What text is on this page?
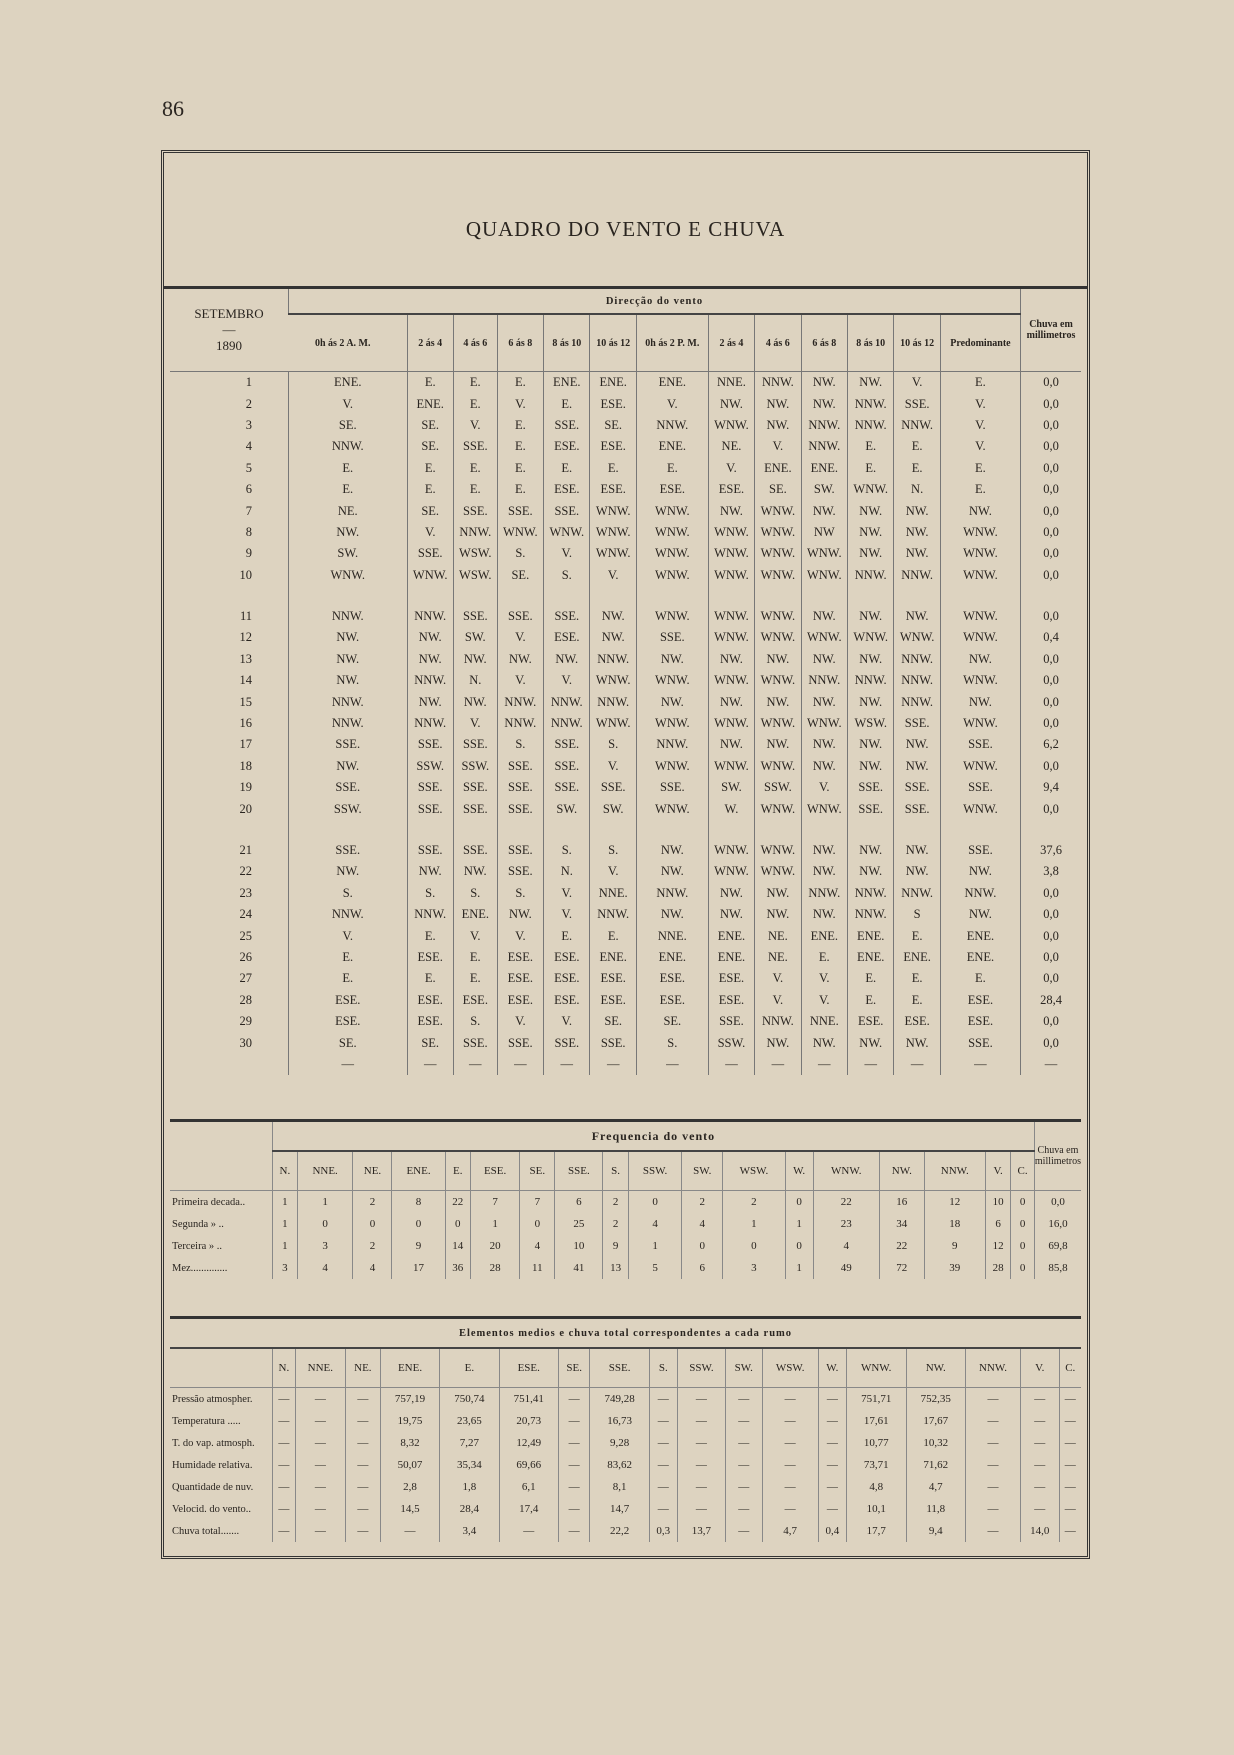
86
QUADRO DO VENTO E CHUVA
SETEMBRO
—
1890	Direcção do vento													Chuva em millimetros
	0h ás 2 A. M.	2 ás 4	4 ás 6	6 ás 8	8 ás 10	10 ás 12	0h ás 2 P. M.	2 ás 4	4 ás 6	6 ás 8	8 ás 10	10 ás 12	Predominante	
1	ENE.	E.	E.	E.	ENE.	ENE.	ENE.	NNE.	NNW.	NW.	NW.	V.	E.	0,0
2	V.	ENE.	E.	V.	E.	ESE.	V.	NW.	NW.	NW.	NNW.	SSE.	V.	0,0
3	SE.	SE.	V.	E.	SSE.	SE.	NNW.	WNW.	NW.	NNW.	NNW.	NNW.	V.	0,0
4	NNW.	SE.	SSE.	E.	ESE.	ESE.	ENE.	NE.	V.	NNW.	E.	E.	V.	0,0
5	E.	E.	E.	E.	E.	E.	E.	V.	ENE.	ENE.	E.	E.	E.	0,0
6	E.	E.	E.	E.	ESE.	ESE.	ESE.	ESE.	SE.	SW.	WNW.	N.	E.	0,0
7	NE.	SE.	SSE.	SSE.	SSE.	WNW.	WNW.	NW.	WNW.	NW.	NW.	NW.	NW.	0,0
8	NW.	V.	NNW.	WNW.	WNW.	WNW.	WNW.	WNW.	WNW.	NW	NW.	NW.	WNW.	0,0
9	SW.	SSE.	WSW.	S.	V.	WNW.	WNW.	WNW.	WNW.	WNW.	NW.	NW.	WNW.	0,0
10	WNW.	WNW.	WSW.	SE.	S.	V.	WNW.	WNW.	WNW.	WNW.	NNW.	NNW.	WNW.	0,0

11	NNW.	NNW.	SSE.	SSE.	SSE.	NW.	WNW.	WNW.	WNW.	NW.	NW.	NW.	WNW.	0,0
12	NW.	NW.	SW.	V.	ESE.	NW.	SSE.	WNW.	WNW.	WNW.	WNW.	WNW.	WNW.	0,4
13	NW.	NW.	NW.	NW.	NW.	NNW.	NW.	NW.	NW.	NW.	NW.	NNW.	NW.	0,0
14	NW.	NNW.	N.	V.	V.	WNW.	WNW.	WNW.	WNW.	NNW.	NNW.	NNW.	WNW.	0,0
15	NNW.	NW.	NW.	NNW.	NNW.	NNW.	NW.	NW.	NW.	NW.	NW.	NNW.	NW.	0,0
16	NNW.	NNW.	V.	NNW.	NNW.	WNW.	WNW.	WNW.	WNW.	WNW.	WSW.	SSE.	WNW.	0,0
17	SSE.	SSE.	SSE.	S.	SSE.	S.	NNW.	NW.	NW.	NW.	NW.	NW.	SSE.	6,2
18	NW.	SSW.	SSW.	SSE.	SSE.	V.	WNW.	WNW.	WNW.	NW.	NW.	NW.	WNW.	0,0
19	SSE.	SSE.	SSE.	SSE.	SSE.	SSE.	SSE.	SW.	SSW.	V.	SSE.	SSE.	SSE.	9,4
20	SSW.	SSE.	SSE.	SSE.	SW.	SW.	WNW.	W.	WNW.	WNW.	SSE.	SSE.	WNW.	0,0

21	SSE.	SSE.	SSE.	SSE.	S.	S.	NW.	WNW.	WNW.	NW.	NW.	NW.	SSE.	37,6
22	NW.	NW.	NW.	SSE.	N.	V.	NW.	WNW.	WNW.	NW.	NW.	NW.	NW.	3,8
23	S.	S.	S.	S.	V.	NNE.	NNW.	NW.	NW.	NNW.	NNW.	NNW.	NNW.	0,0
24	NNW.	NNW.	ENE.	NW.	V.	NNW.	NW.	NW.	NW.	NW.	NNW.	S	NW.	0,0
25	V.	E.	V.	V.	E.	E.	NNE.	ENE.	NE.	ENE.	ENE.	E.	ENE.	0,0
26	E.	ESE.	E.	ESE.	ESE.	ENE.	ENE.	ENE.	NE.	E.	ENE.	ENE.	ENE.	0,0
27	E.	E.	E.	ESE.	ESE.	ESE.	ESE.	ESE.	V.	V.	E.	E.	E.	0,0
28	ESE.	ESE.	ESE.	ESE.	ESE.	ESE.	ESE.	ESE.	V.	V.	E.	E.	ESE.	28,4
29	ESE.	ESE.	S.	V.	V.	SE.	SE.	SSE.	NNW.	NNE.	ESE.	ESE.	ESE.	0,0
30	SE.	SE.	SSE.	SSE.	SSE.	SSE.	S.	SSW.	NW.	NW.	NW.	NW.	SSE.	0,0
	—	—	—	—	—	—	—	—	—	—	—	—	—	—
	Frequencia do vento																		Chuva em millimetros
	N.	NNE.	NE.	ENE.	E.	ESE.	SE.	SSE.	S.	SSW.	SW.	WSW.	W.	WNW.	NW.	NNW.	V.	C.	
Primeira decada..	1	1	2	8	22	7	7	6	2	0	2	2	0	22	16	12	10	0	0,0
Segunda » ..	1	0	0	0	0	1	0	25	2	4	4	1	1	23	34	18	6	0	16,0
Terceira » ..	1	3	2	9	14	20	4	10	9	1	0	0	0	4	22	9	12	0	69,8
Mez..............	3	4	4	17	36	28	11	41	13	5	6	3	1	49	72	39	28	0	85,8
Elementos medios e chuva total correspondentes a cada rumo																		
	N.	NNE.	NE.	ENE.	E.	ESE.	SE.	SSE.	S.	SSW.	SW.	WSW.	W.	WNW.	NW.	NNW.	V.	C.
Pressão atmospher.	—	—	—	757,19	750,74	751,41	—	749,28	—	—	—	—	—	751,71	752,35	—	—	—
Temperatura .....	—	—	—	19,75	23,65	20,73	—	16,73	—	—	—	—	—	17,61	17,67	—	—	—
T. do vap. atmosph.	—	—	—	8,32	7,27	12,49	—	9,28	—	—	—	—	—	10,77	10,32	—	—	—
Humidade relativa.	—	—	—	50,07	35,34	69,66	—	83,62	—	—	—	—	—	73,71	71,62	—	—	—
Quantidade de nuv.	—	—	—	2,8	1,8	6,1	—	8,1	—	—	—	—	—	4,8	4,7	—	—	—
Velocid. do vento..	—	—	—	14,5	28,4	17,4	—	14,7	—	—	—	—	—	10,1	11,8	—	—	—
Chuva total.......	—	—	—	—	3,4	—	—	22,2	0,3	13,7	—	4,7	0,4	17,7	9,4	—	14,0	—
